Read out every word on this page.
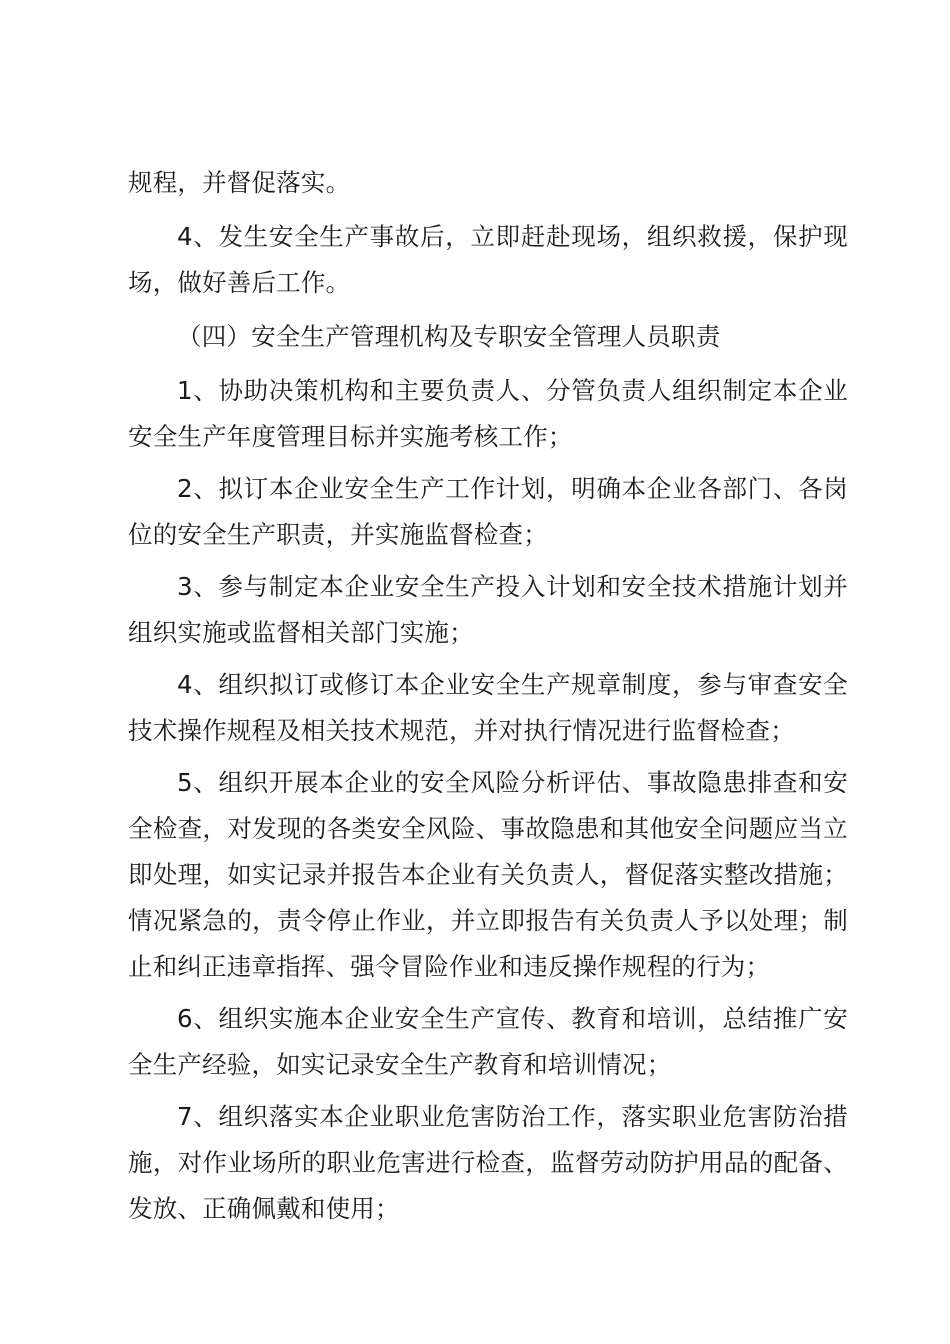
规程，并督促落实。

4、发生安全生产事故后，立即赶赴现场，组织救援，保护现场，做好善后工作。

（四）安全生产管理机构及专职安全管理人员职责

1、协助决策机构和主要负责人、分管负责人组织制定本企业安全生产年度管理目标并实施考核工作；

2、拟订本企业安全生产工作计划，明确本企业各部门、各岗位的安全生产职责，并实施监督检查；

3、参与制定本企业安全生产投入计划和安全技术措施计划并组织实施或监督相关部门实施；

4、组织拟订或修订本企业安全生产规章制度，参与审查安全技术操作规程及相关技术规范，并对执行情况进行监督检查；

5、组织开展本企业的安全风险分析评估、事故隐患排查和安全检查，对发现的各类安全风险、事故隐患和其他安全问题应当立即处理，如实记录并报告本企业有关负责人，督促落实整改措施；情况紧急的，责令停止作业，并立即报告有关负责人予以处理；制止和纠正违章指挥、强令冒险作业和违反操作规程的行为；

6、组织实施本企业安全生产宣传、教育和培训，总结推广安全生产经验，如实记录安全生产教育和培训情况；

7、组织落实本企业职业危害防治工作，落实职业危害防治措施，对作业场所的职业危害进行检查，监督劳动防护用品的配备、发放、正确佩戴和使用；
